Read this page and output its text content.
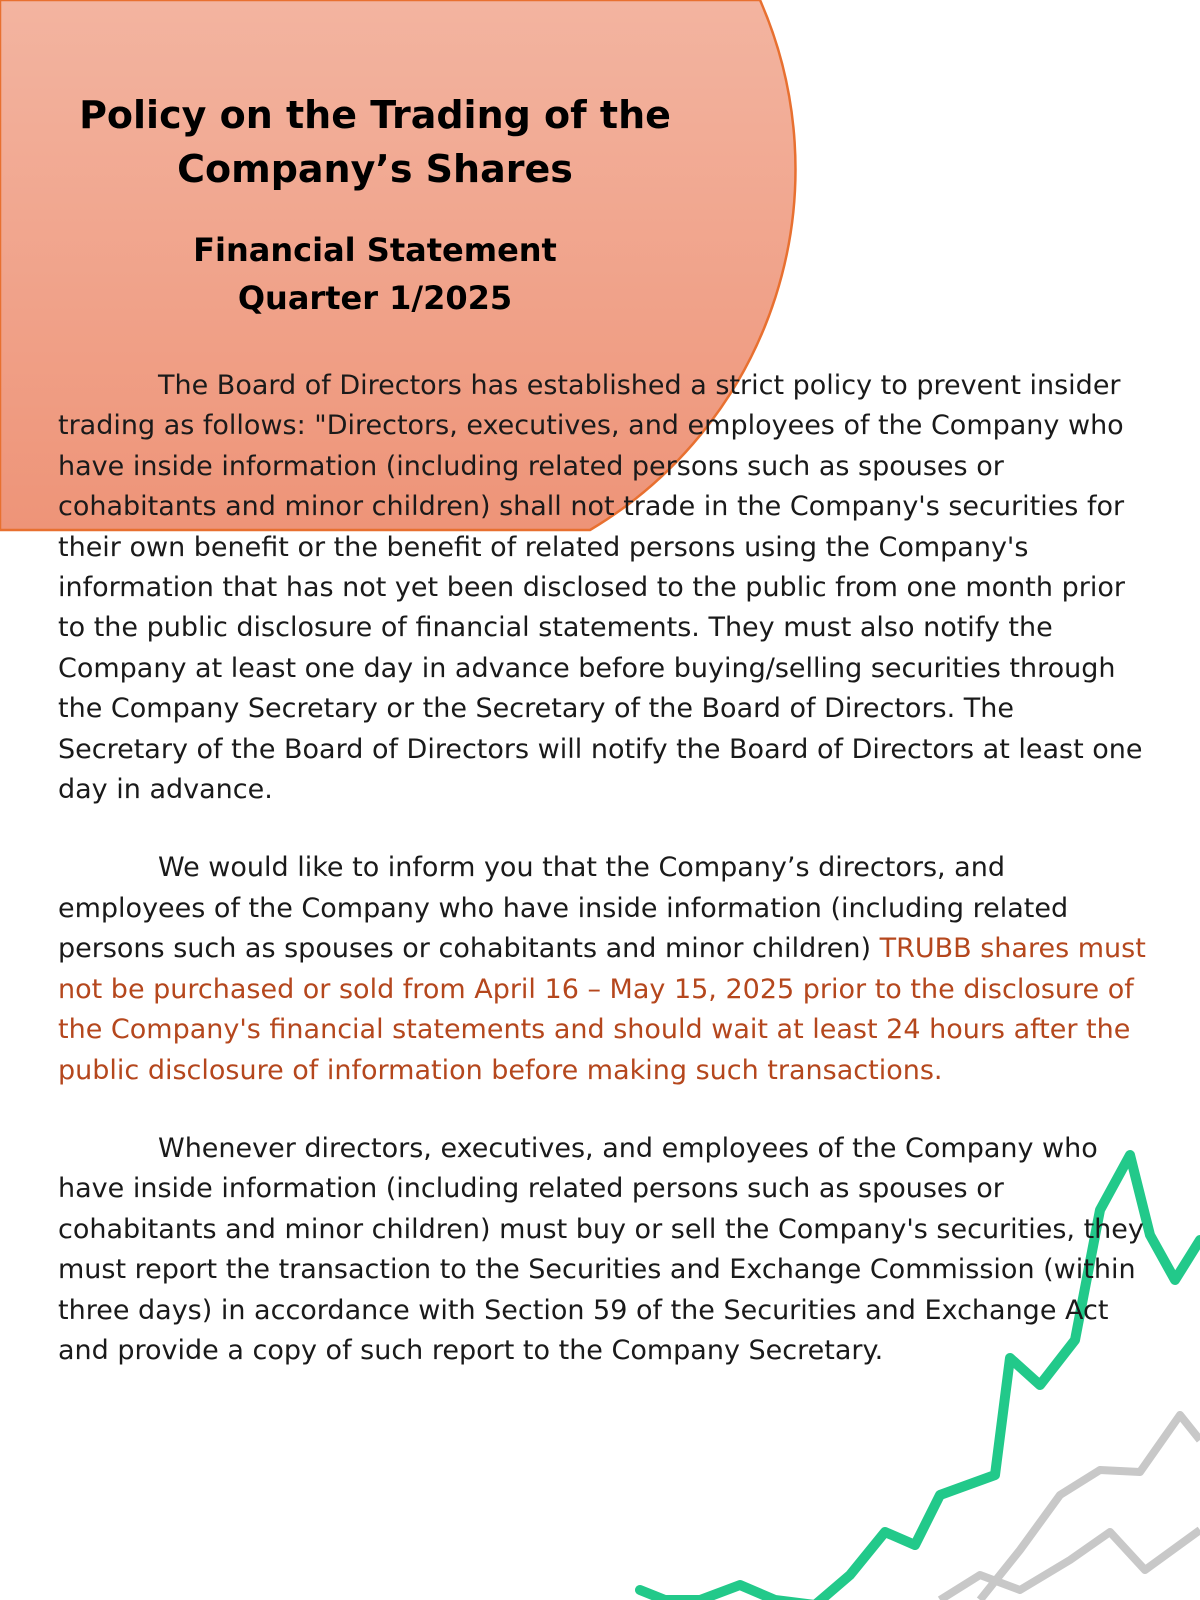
Policy on the Trading of the
Company’s Shares
Financial Statement
Quarter 1/2025

The Board of Directors has established a strict policy to prevent insider trading as follows: "Directors, executives, and employees of the Company who have inside information (including related persons such as spouses or cohabitants and minor children) shall not trade in the Company's securities for their own benefit or the benefit of related persons using the Company's information that has not yet been disclosed to the public from one month prior to the public disclosure of financial statements. They must also notify the Company at least one day in advance before buying/selling securities through the Company Secretary or the Secretary of the Board of Directors. The Secretary of the Board of Directors will notify the Board of Directors at least one day in advance.

We would like to inform you that the Company’s directors, and employees of the Company who have inside information (including related persons such as spouses or cohabitants and minor children) TRUBB shares must not be purchased or sold from April 16 – May 15, 2025 prior to the disclosure of the Company's financial statements and should wait at least 24 hours after the public disclosure of information before making such transactions.

Whenever directors, executives, and employees of the Company who have inside information (including related persons such as spouses or cohabitants and minor children) must buy or sell the Company's securities, they must report the transaction to the Securities and Exchange Commission (within three days) in accordance with Section 59 of the Securities and Exchange Act and provide a copy of such report to the Company Secretary.
